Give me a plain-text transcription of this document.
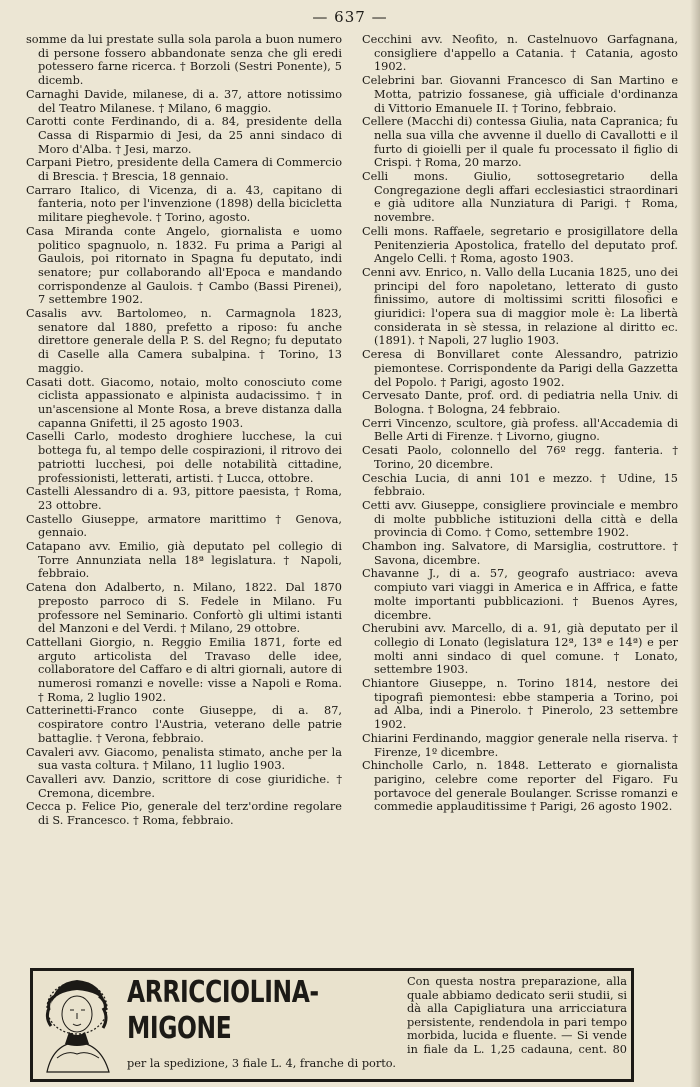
— 637 —

somme da lui prestate sulla sola parola a buon numero di persone fossero abbandonate senza che gli eredi potessero farne ricerca. † Borzoli (Sestri Ponente), 5 dicemb.

Carnaghi Davide, milanese, di a. 37, attore notissimo del Teatro Milanese. † Milano, 6 maggio.

Carotti conte Ferdinando, di a. 84, presidente della Cassa di Risparmio di Jesi, da 25 anni sindaco di Moro d'Alba. † Jesi, marzo.

Carpani Pietro, presidente della Camera di Commercio di Brescia. † Brescia, 18 gennaio.

Carraro Italico, di Vicenza, di a. 43, capitano di fanteria, noto per l'invenzione (1898) della bicicletta militare pieghevole. † Torino, agosto.

Casa Miranda conte Angelo, giornalista e uomo politico spagnuolo, n. 1832. Fu prima a Parigi al Gaulois, poi ritornato in Spagna fu deputato, indi senatore; pur collaborando all'Epoca e mandando corrispondenze al Gaulois. † Cambo (Bassi Pirenei), 7 settembre 1902.

Casalis avv. Bartolomeo, n. Carmagnola 1823, senatore dal 1880, prefetto a riposo: fu anche direttore generale della P. S. del Regno; fu deputato di Caselle alla Camera subalpina. † Torino, 13 maggio.

Casati dott. Giacomo, notaio, molto conosciuto come ciclista appassionato e alpinista audacissimo. † in un'ascensione al Monte Rosa, a breve distanza dalla capanna Gnifetti, il 25 agosto 1903.

Caselli Carlo, modesto droghiere lucchese, la cui bottega fu, al tempo delle cospirazioni, il ritrovo dei patriotti lucchesi, poi delle notabilità cittadine, professionisti, letterati, artisti. † Lucca, ottobre.

Castelli Alessandro di a. 93, pittore paesista, † Roma, 23 ottobre.

Castello Giuseppe, armatore marittimo † Genova, gennaio.

Catapano avv. Emilio, già deputato pel collegio di Torre Annunziata nella 18ª legislatura. † Napoli, febbraio.

Catena don Adalberto, n. Milano, 1822. Dal 1870 preposto parroco di S. Fedele in Milano. Fu professore nel Seminario. Confortò gli ultimi istanti del Manzoni e del Verdi. † Milano, 29 ottobre.

Cattellani Giorgio, n. Reggio Emilia 1871, forte ed arguto articolista del Travaso delle idee, collaboratore del Caffaro e di altri giornali, autore di numerosi romanzi e novelle: visse a Napoli e Roma. † Roma, 2 luglio 1902.

Catterinetti-Franco conte Giuseppe, di a. 87, cospiratore contro l'Austria, veterano delle patrie battaglie. † Verona, febbraio.

Cavaleri avv. Giacomo, penalista stimato, anche per la sua vasta coltura. † Milano, 11 luglio 1903.

Cavalleri avv. Danzio, scrittore di cose giuridiche. † Cremona, dicembre.

Cecca p. Felice Pio, generale del terz'ordine regolare di S. Francesco. † Roma, febbraio.

Cecchini avv. Neofito, n. Castelnuovo Garfagnana, consigliere d'appello a Catania. † Catania, agosto 1902.

Celebrini bar. Giovanni Francesco di San Martino e Motta, patrizio fossanese, già ufficiale d'ordinanza di Vittorio Emanuele II. † Torino, febbraio.

Cellere (Macchi di) contessa Giulia, nata Capranica; fu nella sua villa che avvenne il duello di Cavallotti e il furto di gioielli per il quale fu processato il figlio di Crispi. † Roma, 20 marzo.

Celli mons. Giulio, sottosegretario della Congregazione degli affari ecclesiastici straordinari e già uditore alla Nunziatura di Parigi. † Roma, novembre.

Celli mons. Raffaele, segretario e prosigillatore della Penitenzieria Apostolica, fratello del deputato prof. Angelo Celli. † Roma, agosto 1903.

Cenni avv. Enrico, n. Vallo della Lucania 1825, uno dei principi del foro napoletano, letterato di gusto finissimo, autore di moltissimi scritti filosofici e giuridici: l'opera sua di maggior mole è: La libertà considerata in sè stessa, in relazione al diritto ec. (1891). † Napoli, 27 luglio 1903.

Ceresa di Bonvillaret conte Alessandro, patrizio piemontese. Corrispondente da Parigi della Gazzetta del Popolo. † Parigi, agosto 1902.

Cervesato Dante, prof. ord. di pediatria nella Univ. di Bologna. † Bologna, 24 febbraio.

Cerri Vincenzo, scultore, già profess. all'Accademia di Belle Arti di Firenze. † Livorno, giugno.

Cesati Paolo, colonnello del 76º regg. fanteria. † Torino, 20 dicembre.

Ceschia Lucia, di anni 101 e mezzo. † Udine, 15 febbraio.

Cetti avv. Giuseppe, consigliere provinciale e membro di molte pubbliche istituzioni della città e della provincia di Como. † Como, settembre 1902.

Chambon ing. Salvatore, di Marsiglia, costruttore. † Savona, dicembre.

Chavanne J., di a. 57, geografo austriaco: aveva compiuto vari viaggi in America e in Affrica, e fatte molte importanti pubblicazioni. † Buenos Ayres, dicembre.

Cherubini avv. Marcello, di a. 91, già deputato per il collegio di Lonato (legislatura 12ª, 13ª e 14ª) e per molti anni sindaco di quel comune. † Lonato, settembre 1903.

Chiantore Giuseppe, n. Torino 1814, nestore dei tipografi piemontesi: ebbe stamperia a Torino, poi ad Alba, indi a Pinerolo. † Pinerolo, 23 settembre 1902.

Chiarini Ferdinando, maggior generale nella riserva. † Firenze, 1º dicembre.

Chincholle Carlo, n. 1848. Letterato e giornalista parigino, celebre come reporter del Figaro. Fu portavoce del generale Boulanger. Scrisse romanzi e commedie applauditissime † Parigi, 26 agosto 1902.

ARRICCIOLINA-MIGONE
Con questa nostra preparazione, alla quale abbiamo dedicato serii studii, si dà alla Capigliatura una arricciatura persistente, rendendola in pari tempo morbida, lucida e fluente. — Si vende in fiale da L. 1,25 cadauna, cent. 80 per la spedizione, 3 fiale L. 4, franche di porto.
